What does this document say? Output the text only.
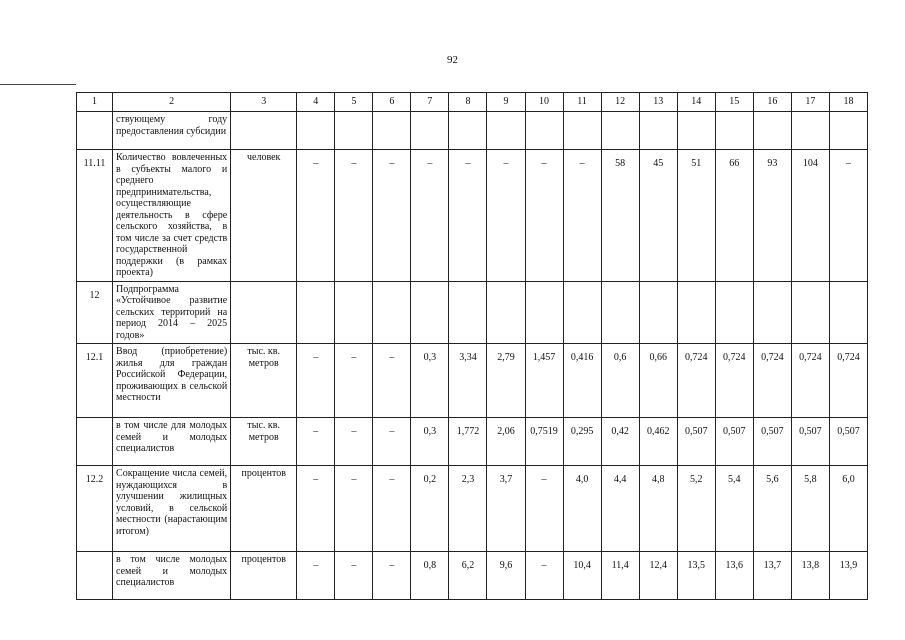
92
1	2	3	4	5	6	7	8	9	10	11	12	13	14	15	16	17	18
	ствующему году предоставления субсидии																
11.11	Количество вовлеченных в субъекты малого и среднего предпринимательства, осуществляющие деятельность в сфере сельского хозяйства, в том числе за счет средств государственной поддержки (в рамках проекта)	человек	–	–	–	–	–	–	–	–	58	45	51	66	93	104	–
12	Подпрограмма «Устойчивое развитие сельских территорий на период 2014 – 2025 годов»																
12.1	Ввод (приобретение) жилья для граждан Российской Федерации, проживающих в сельской местности	тыс. кв. метров	–	–	–	0,3	3,34	2,79	1,457	0,416	0,6	0,66	0,724	0,724	0,724	0,724	0,724
	в том числе для молодых семей и молодых специалистов	тыс. кв. метров	–	–	–	0,3	1,772	2,06	0,7519	0,295	0,42	0,462	0,507	0,507	0,507	0,507	0,507
12.2	Сокращение числа семей, нуждающихся в улучшении жилищных условий, в сельской местности (нарастающим итогом)	процентов	–	–	–	0,2	2,3	3,7	–	4,0	4,4	4,8	5,2	5,4	5,6	5,8	6,0
	в том числе молодых семей и молодых специалистов	процентов	–	–	–	0,8	6,2	9,6	–	10,4	11,4	12,4	13,5	13,6	13,7	13,8	13,9
